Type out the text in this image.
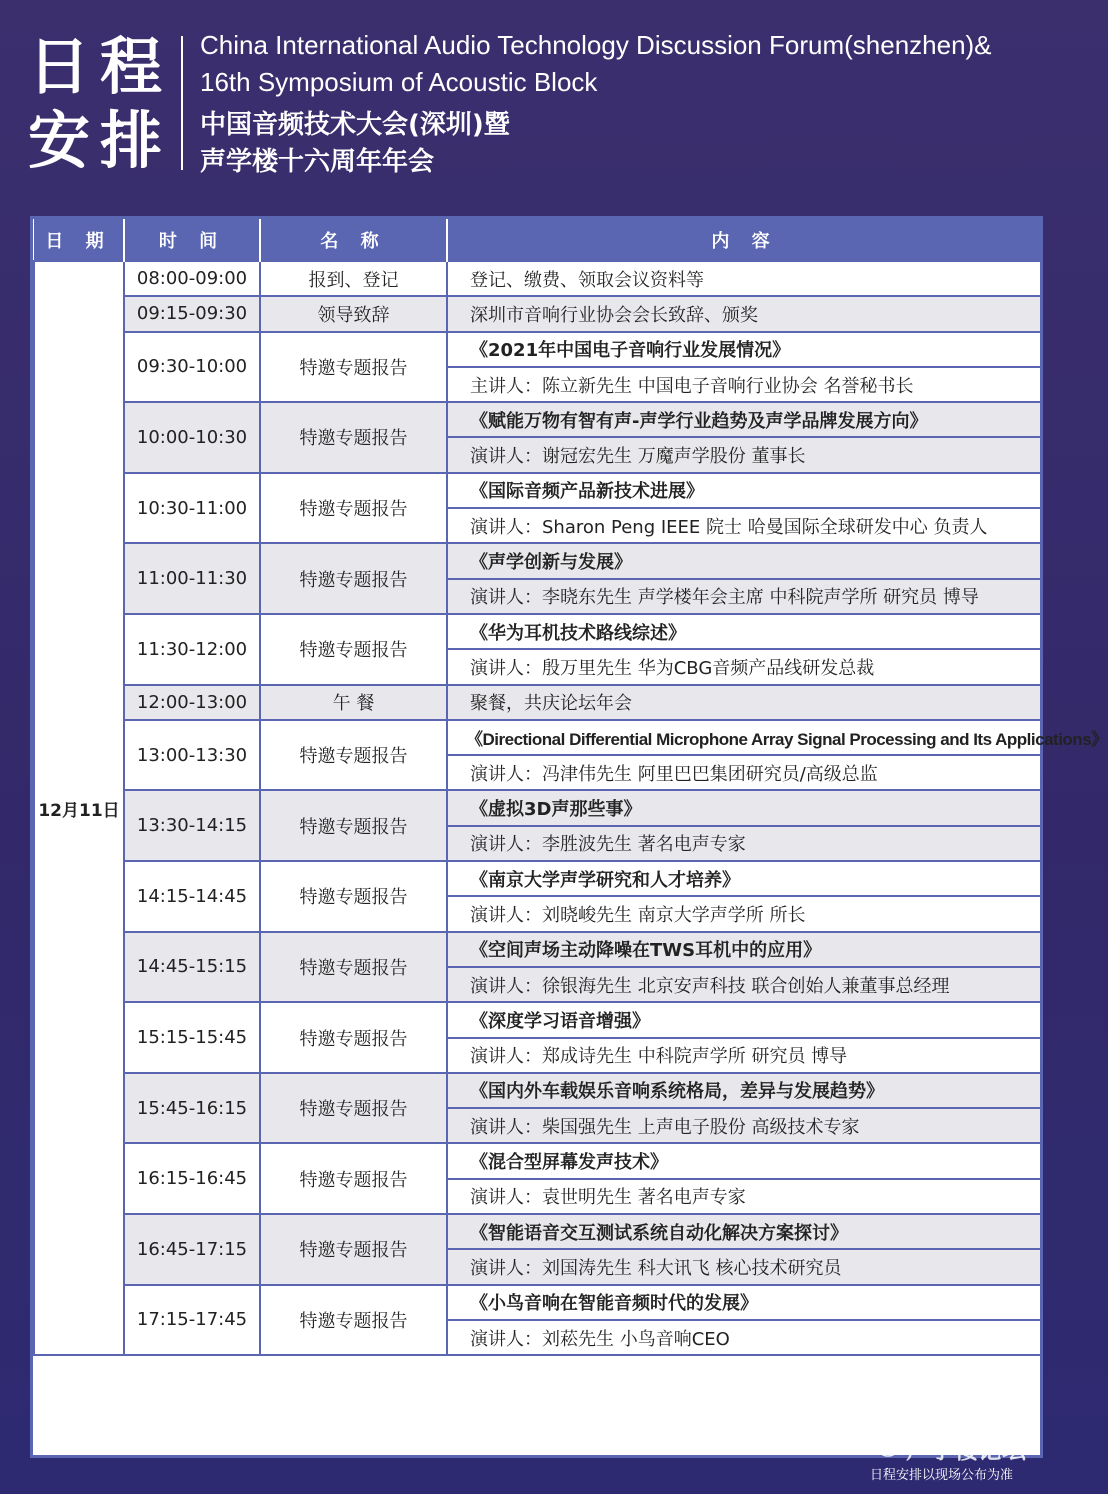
日程
安排
China International Audio Technology Discussion Forum(shenzhen)&
16th Symposium of Acoustic Block
中国音频技术大会(深圳)暨
声学楼十六周年年会
日 期	时 间	名 称	内 容
12月11日	08:00-09:00	报到、登记	登记、缴费、领取会议资料等
	09:15-09:30	领导致辞	深圳市音响行业协会会长致辞、颁奖
	09:30-10:00	特邀专题报告	《2021年中国电子音响行业发展情况》
			主讲人：陈立新先生 中国电子音响行业协会 名誉秘书长
	10:00-10:30	特邀专题报告	《赋能万物有智有声-声学行业趋势及声学品牌发展方向》
			演讲人：谢冠宏先生 万魔声学股份 董事长
	10:30-11:00	特邀专题报告	《国际音频产品新技术进展》
			演讲人：Sharon Peng IEEE 院士 哈曼国际全球研发中心 负责人
	11:00-11:30	特邀专题报告	《声学创新与发展》
			演讲人：李晓东先生 声学楼年会主席 中科院声学所 研究员 博导
	11:30-12:00	特邀专题报告	《华为耳机技术路线综述》
			演讲人：殷万里先生 华为CBG音频产品线研发总裁
	12:00-13:00	午 餐	聚餐，共庆论坛年会
	13:00-13:30	特邀专题报告	《Directional Differential Microphone Array Signal Processing and Its Applications》
			演讲人：冯津伟先生 阿里巴巴集团研究员/高级总监
	13:30-14:15	特邀专题报告	《虚拟3D声那些事》
			演讲人：李胜波先生 著名电声专家
	14:15-14:45	特邀专题报告	《南京大学声学研究和人才培养》
			演讲人：刘晓峻先生 南京大学声学所 所长
	14:45-15:15	特邀专题报告	《空间声场主动降噪在TWS耳机中的应用》
			演讲人：徐银海先生 北京安声科技 联合创始人兼董事总经理
	15:15-15:45	特邀专题报告	《深度学习语音增强》
			演讲人：郑成诗先生 中科院声学所 研究员 博导
	15:45-16:15	特邀专题报告	《国内外车载娱乐音响系统格局，差异与发展趋势》
			演讲人：柴国强先生 上声电子股份 高级技术专家
	16:15-16:45	特邀专题报告	《混合型屏幕发声技术》
			演讲人：袁世明先生 著名电声专家
	16:45-17:15	特邀专题报告	《智能语音交互测试系统自动化解决方案探讨》
			演讲人：刘国涛先生 科大讯飞 核心技术研究员
	17:15-17:45	特邀专题报告	《小鸟音响在智能音频时代的发展》
			演讲人：刘菘先生 小鸟音响CEO
声学楼论坛
日程安排以现场公布为准
